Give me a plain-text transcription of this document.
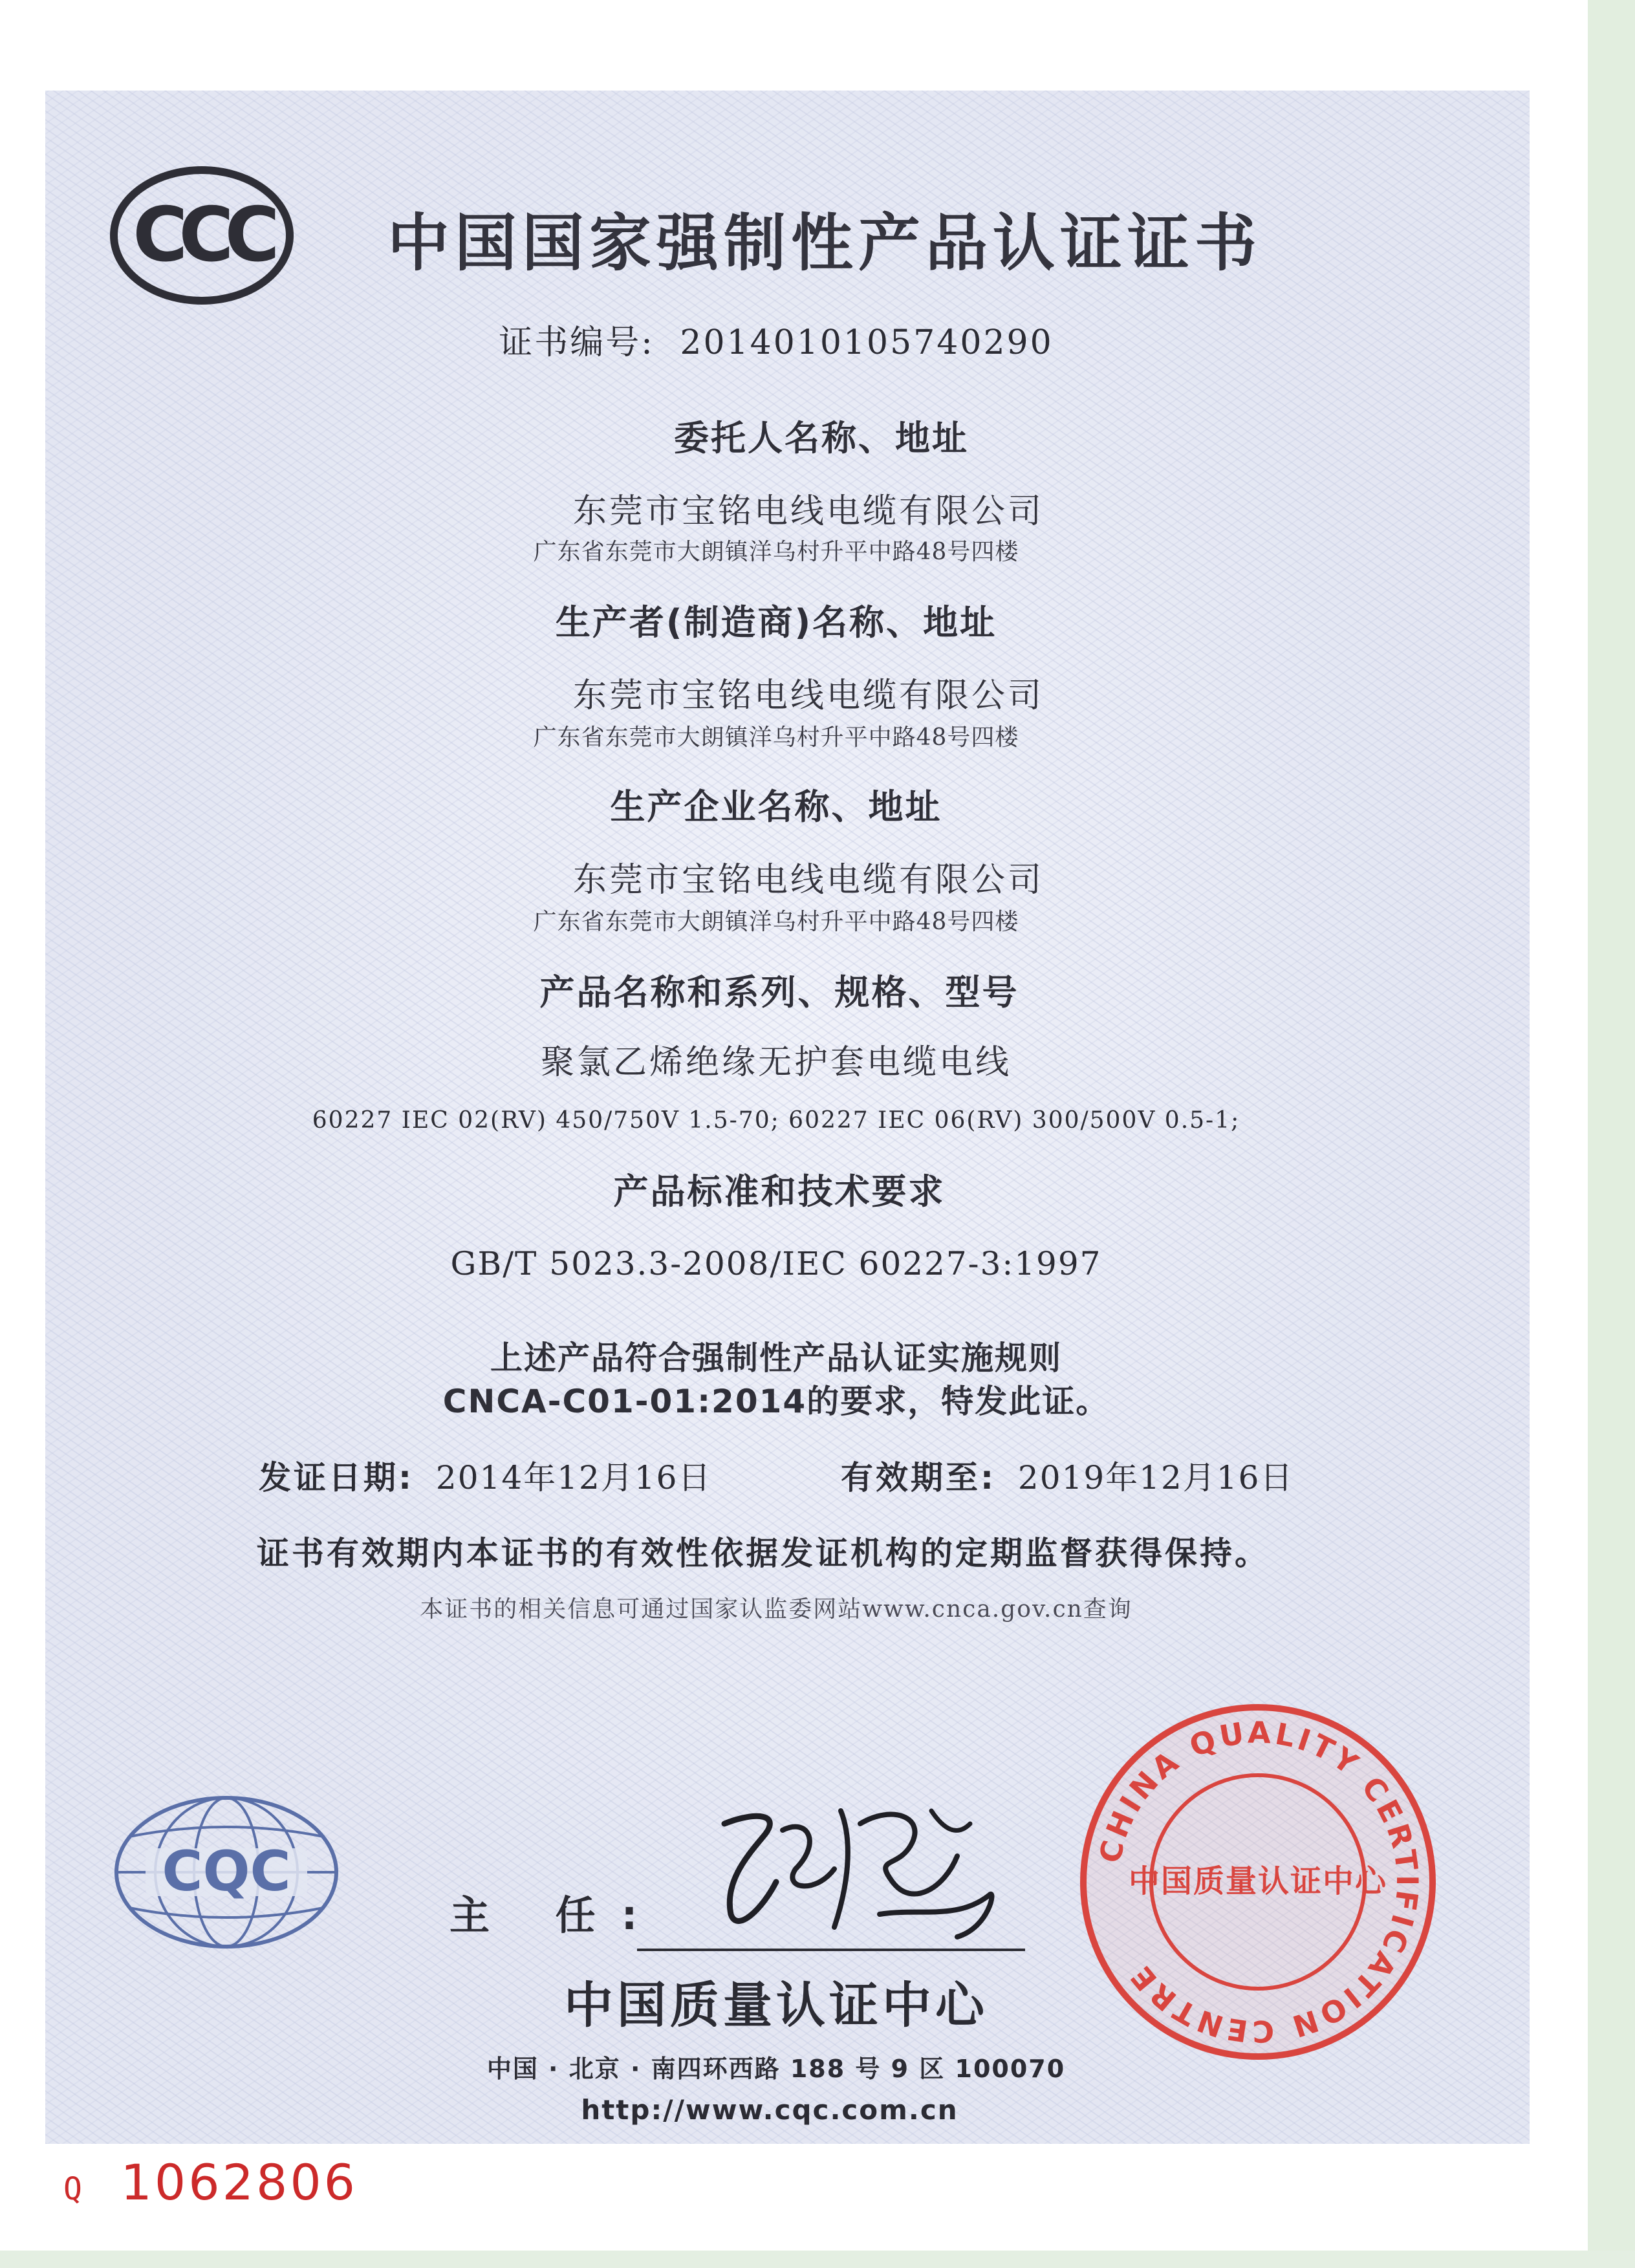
CCC 中国国家强制性产品认证证书
证书编号: 2014010105740290
委托人名称、地址
东莞市宝铭电线电缆有限公司
广东省东莞市大朗镇洋乌村升平中路48号四楼
生产者(制造商)名称、地址
东莞市宝铭电线电缆有限公司
广东省东莞市大朗镇洋乌村升平中路48号四楼
生产企业名称、地址
东莞市宝铭电线电缆有限公司
广东省东莞市大朗镇洋乌村升平中路48号四楼
产品名称和系列、规格、型号
聚氯乙烯绝缘无护套电缆电线
60227 IEC 02(RV) 450/750V 1.5-70; 60227 IEC 06(RV) 300/500V 0.5-1;
产品标准和技术要求
GB/T 5023.3-2008/IEC 60227-3:1997
上述产品符合强制性产品认证实施规则
CNCA-C01-01:2014的要求，特发此证。
发证日期: 2014年12月16日	有效期至: 2019年12月16日
证书有效期内本证书的有效性依据发证机构的定期监督获得保持。
本证书的相关信息可通过国家认监委网站www.cnca.gov.cn查询
CQC
主 任:
中国质量认证中心
中国 · 北京 · 南四环西路 188 号 9 区 100070
http://www.cqc.com.cn
CHINA QUALITY CERTIFICATION CENTRE
中国质量认证中心
Q 1062806
